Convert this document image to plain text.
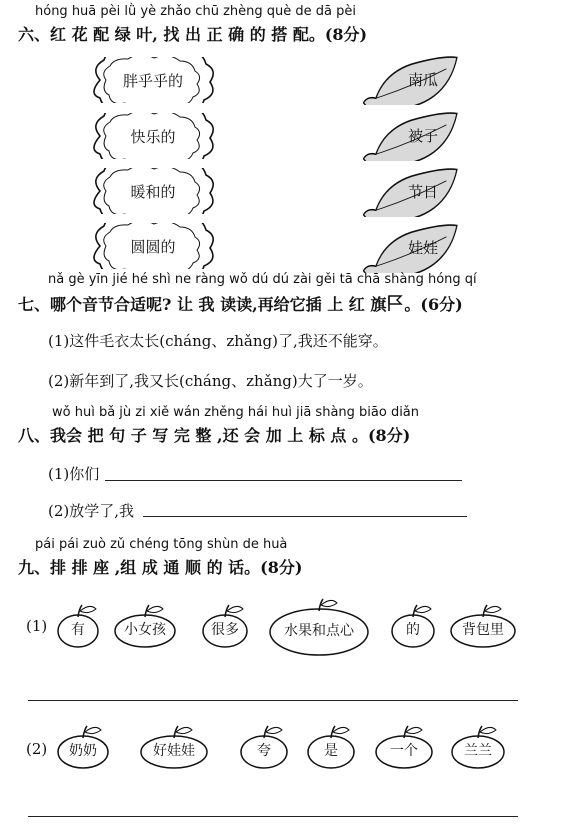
hóng huā pèi lǜ yè zhǎo chū zhèng què de dā pèi
六、红 花 配 绿 叶, 找 出 正 确 的 搭 配。(8分)
胖乎乎的
快乐的
暖和的
圆圆的
南瓜
被子
节日
娃娃
nǎ gè yīn jié hé shì ne ràng wǒ dú dú zài gěi tā chā shàng hóng qí
七、哪个音节合适呢? 让 我 读读,再给它插 上 红 旗 。(6分)
(1)这件毛衣太长(cháng、zhǎng)了,我还不能穿。
(2)新年到了,我又长(cháng、zhǎng)大了一岁。
wǒ huì bǎ jù zi xiě wán zhěng hái huì jiā shàng biāo diǎn
八、我会 把 句 子 写 完 整 ,还 会 加 上 标 点 。(8分)
(1)你们
(2)放学了,我
pái pái zuò zǔ chéng tōng shùn de huà
九、排 排 座 ,组 成 通 顺 的 话。(8分)
(1)	有	小女孩	很多	水果和点心	的	背包里
(2)	奶奶	好娃娃	夸	是	一个	兰兰
